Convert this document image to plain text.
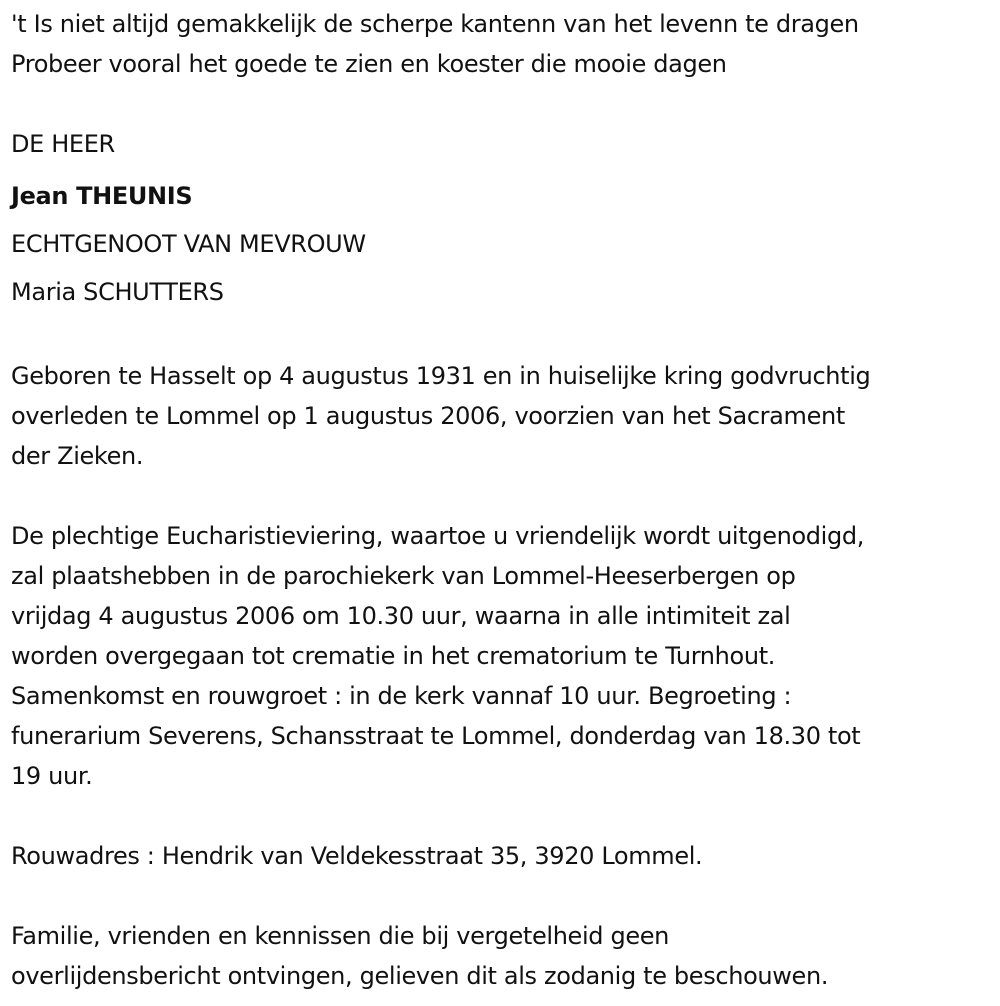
't Is niet altijd gemakkelijk de scherpe kantenn van het levenn te dragen
Probeer vooral het goede te zien en koester die mooie dagen
DE HEER
Jean THEUNIS
ECHTGENOOT VAN MEVROUW
Maria SCHUTTERS
Geboren te Hasselt op 4 augustus 1931 en in huiselijke kring godvruchtig
overleden te Lommel op 1 augustus 2006, voorzien van het Sacrament
der Zieken.
De plechtige Eucharistieviering, waartoe u vriendelijk wordt uitgenodigd,
zal plaatshebben in de parochiekerk van Lommel-Heeserbergen op
vrijdag 4 augustus 2006 om 10.30 uur, waarna in alle intimiteit zal
worden overgegaan tot crematie in het crematorium te Turnhout.
Samenkomst en rouwgroet : in de kerk vannaf 10 uur. Begroeting :
funerarium Severens, Schansstraat te Lommel, donderdag van 18.30 tot
19 uur.
Rouwadres : Hendrik van Veldekesstraat 35, 3920 Lommel.
Familie, vrienden en kennissen die bij vergetelheid geen
overlijdensbericht ontvingen, gelieven dit als zodanig te beschouwen.
